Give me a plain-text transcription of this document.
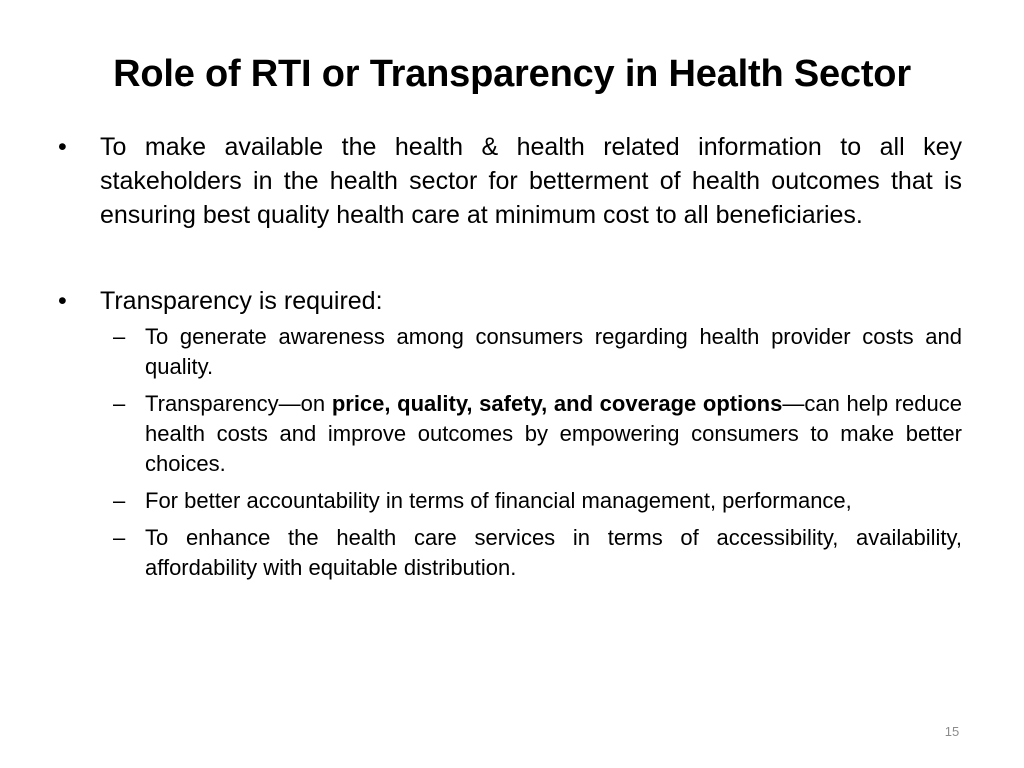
Role of RTI or Transparency in Health Sector
•	To make available the health & health related information to all key stakeholders in the health sector for betterment of health outcomes that is ensuring best quality health care at minimum cost to all beneficiaries.
•	Transparency is required:
– To generate awareness among consumers regarding health provider costs and quality.
– Transparency—on price, quality, safety, and coverage options—can help reduce health costs and improve outcomes by empowering consumers to make better choices.
– For better accountability in terms of financial management, performance,
– To enhance the health care services in terms of accessibility, availability, affordability with equitable distribution.
15
